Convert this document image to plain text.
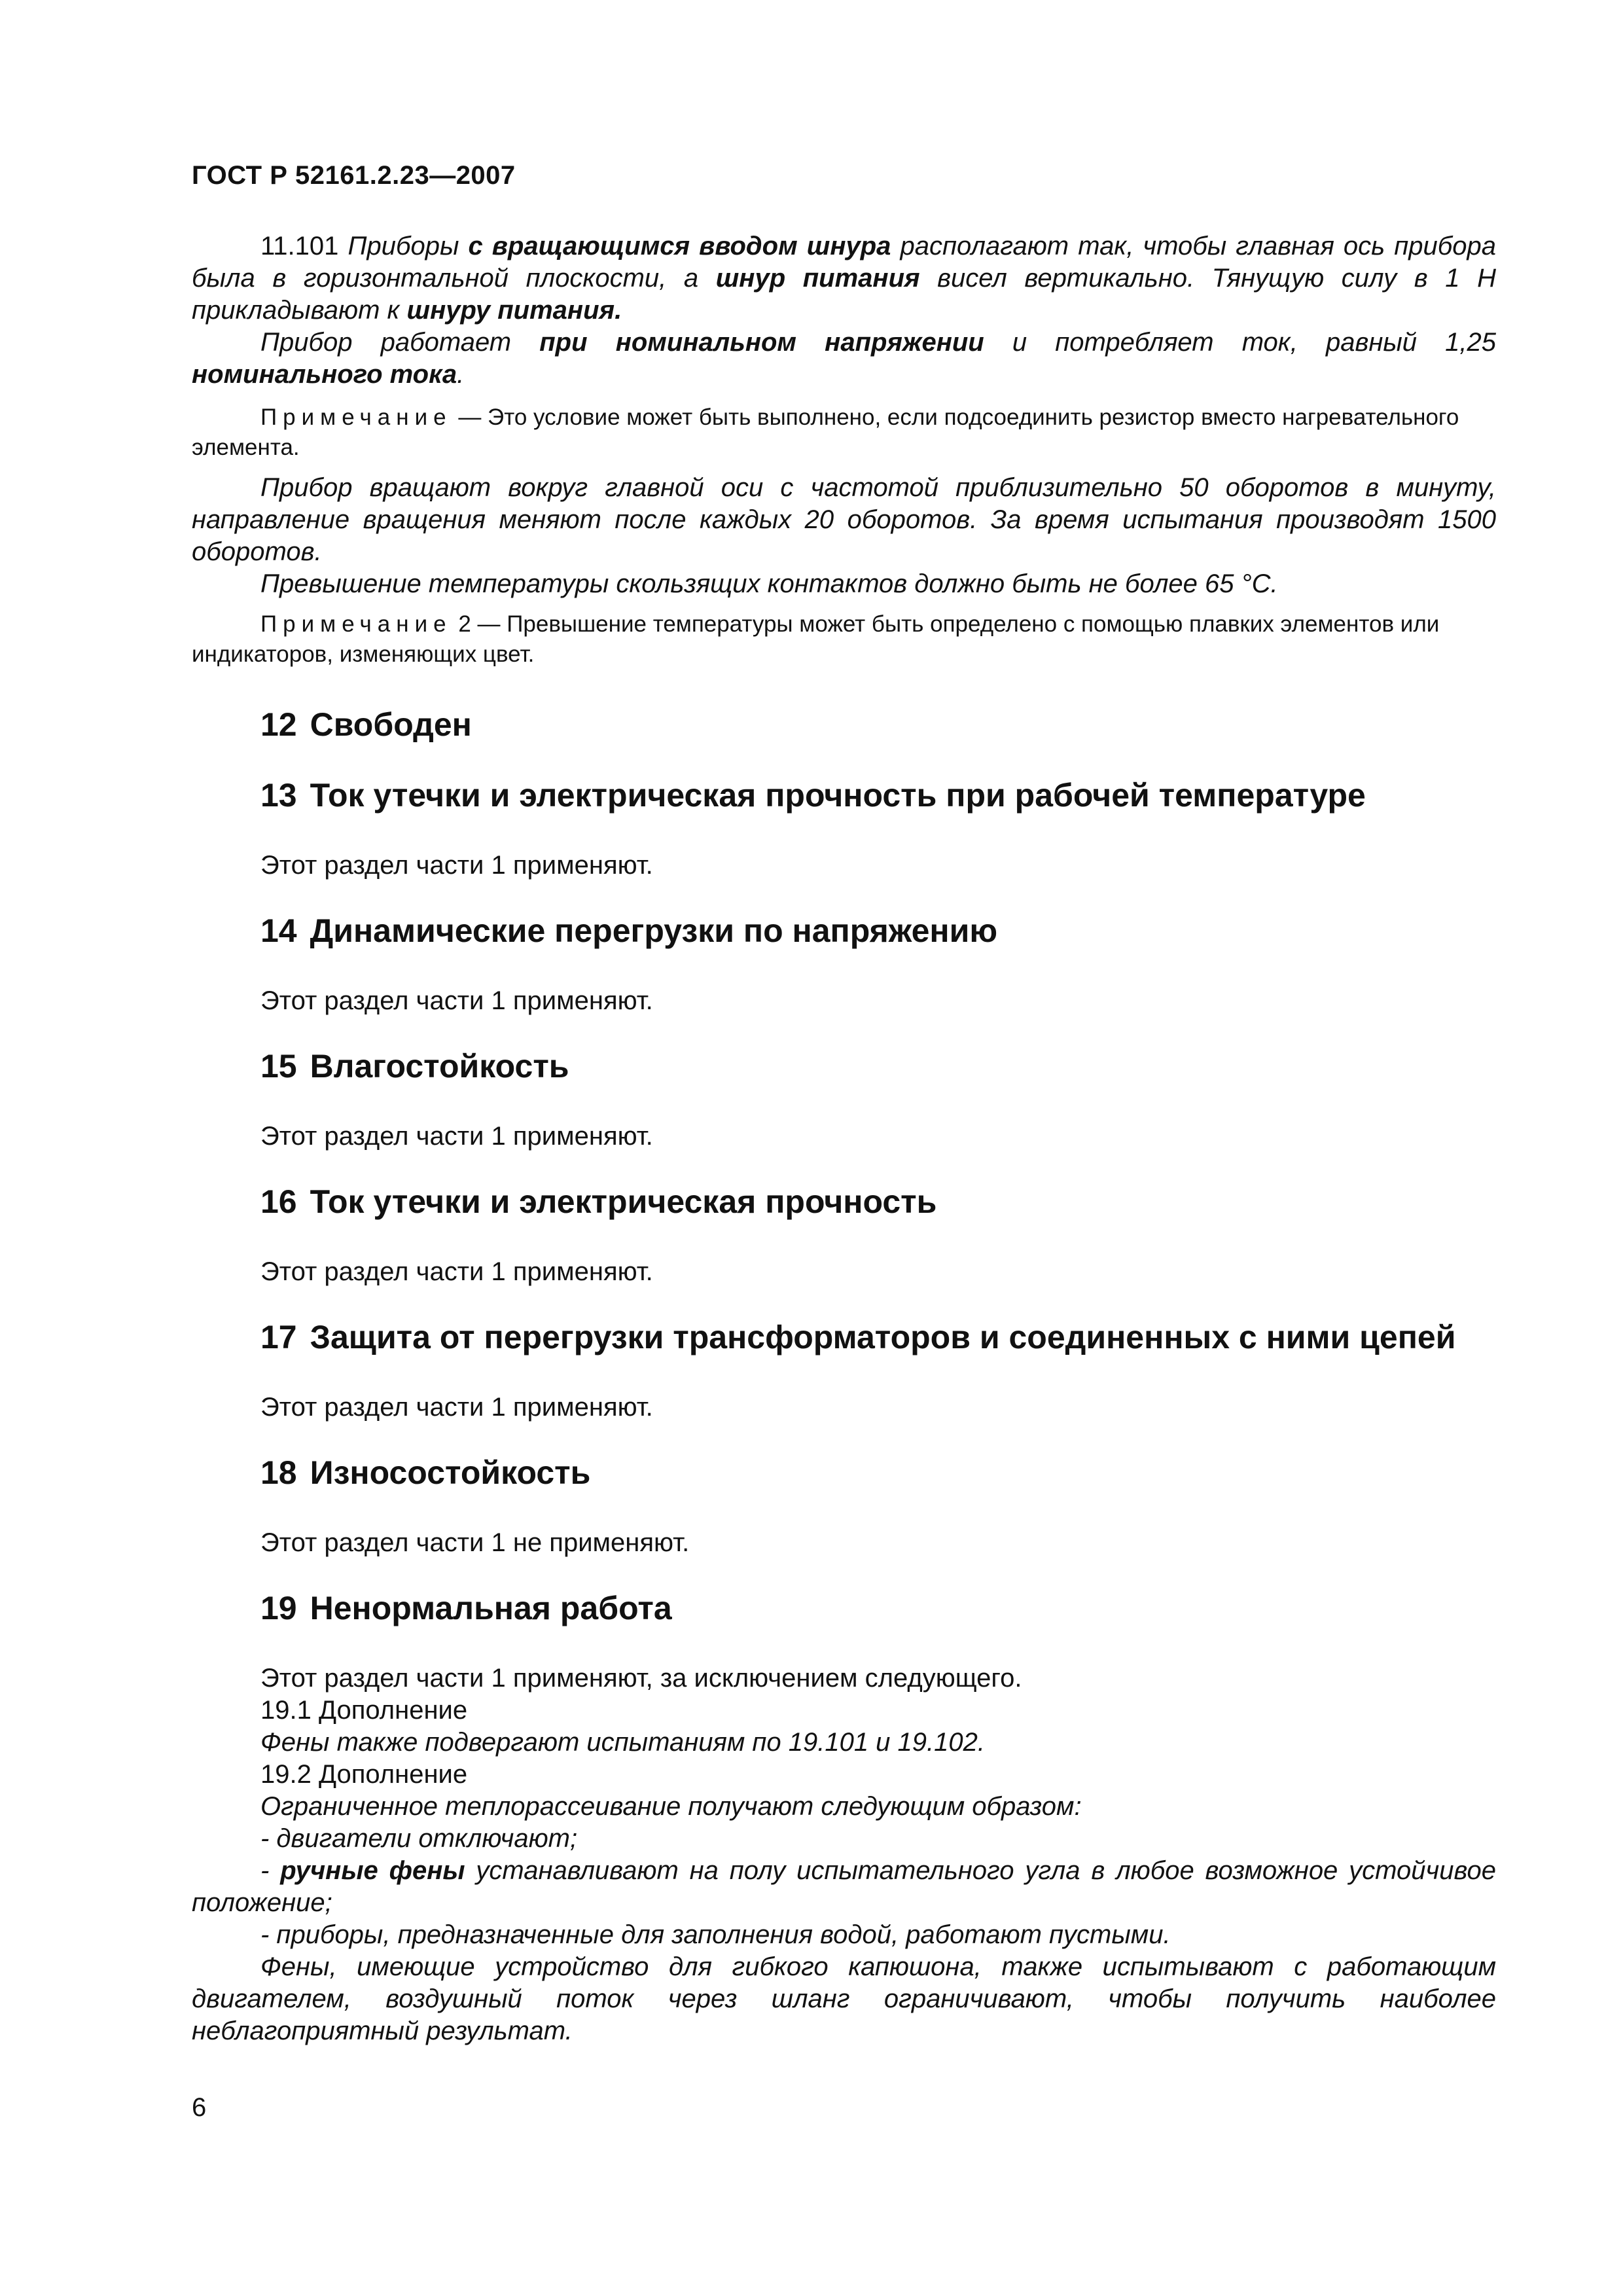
ГОСТ Р 52161.2.23—2007

11.101 Приборы с вращающимся вводом шнура располагают так, чтобы главная ось прибора была в горизонтальной плоскости, а шнур питания висел вертикально. Тянущую силу в 1 Н прикладывают к шнуру питания.

Прибор работает при номинальном напряжении и потребляет ток, равный 1,25 номинального тока.

Примечание — Это условие может быть выполнено, если подсоединить резистор вместо нагревательного элемента.

Прибор вращают вокруг главной оси с частотой приблизительно 50 оборотов в минуту, направление вращения меняют после каждых 20 оборотов. За время испытания производят 1500 оборотов.

Превышение температуры скользящих контактов должно быть не более 65 °С.

Примечание 2 — Превышение температуры может быть определено с помощью плавких элементов или индикаторов, изменяющих цвет.

12 Свободен
13 Ток утечки и электрическая прочность при рабочей температуре

Этот раздел части 1 применяют.

14 Динамические перегрузки по напряжению

Этот раздел части 1 применяют.

15 Влагостойкость

Этот раздел части 1 применяют.

16 Ток утечки и электрическая прочность

Этот раздел части 1 применяют.

17 Защита от перегрузки трансформаторов и соединенных с ними цепей

Этот раздел части 1 применяют.

18 Износостойкость

Этот раздел части 1 не применяют.

19 Ненормальная работа

Этот раздел части 1 применяют, за исключением следующего.

19.1 Дополнение

Фены также подвергают испытаниям по 19.101 и 19.102.

19.2 Дополнение

Ограниченное теплорассеивание получают следующим образом:

- двигатели отключают;

- ручные фены устанавливают на полу испытательного угла в любое возможное устойчивое положение;

- приборы, предназначенные для заполнения водой, работают пустыми.

Фены, имеющие устройство для гибкого капюшона, также испытывают с работающим двигателем, воздушный поток через шланг ограничивают, чтобы получить наиболее неблагоприятный результат.

6
